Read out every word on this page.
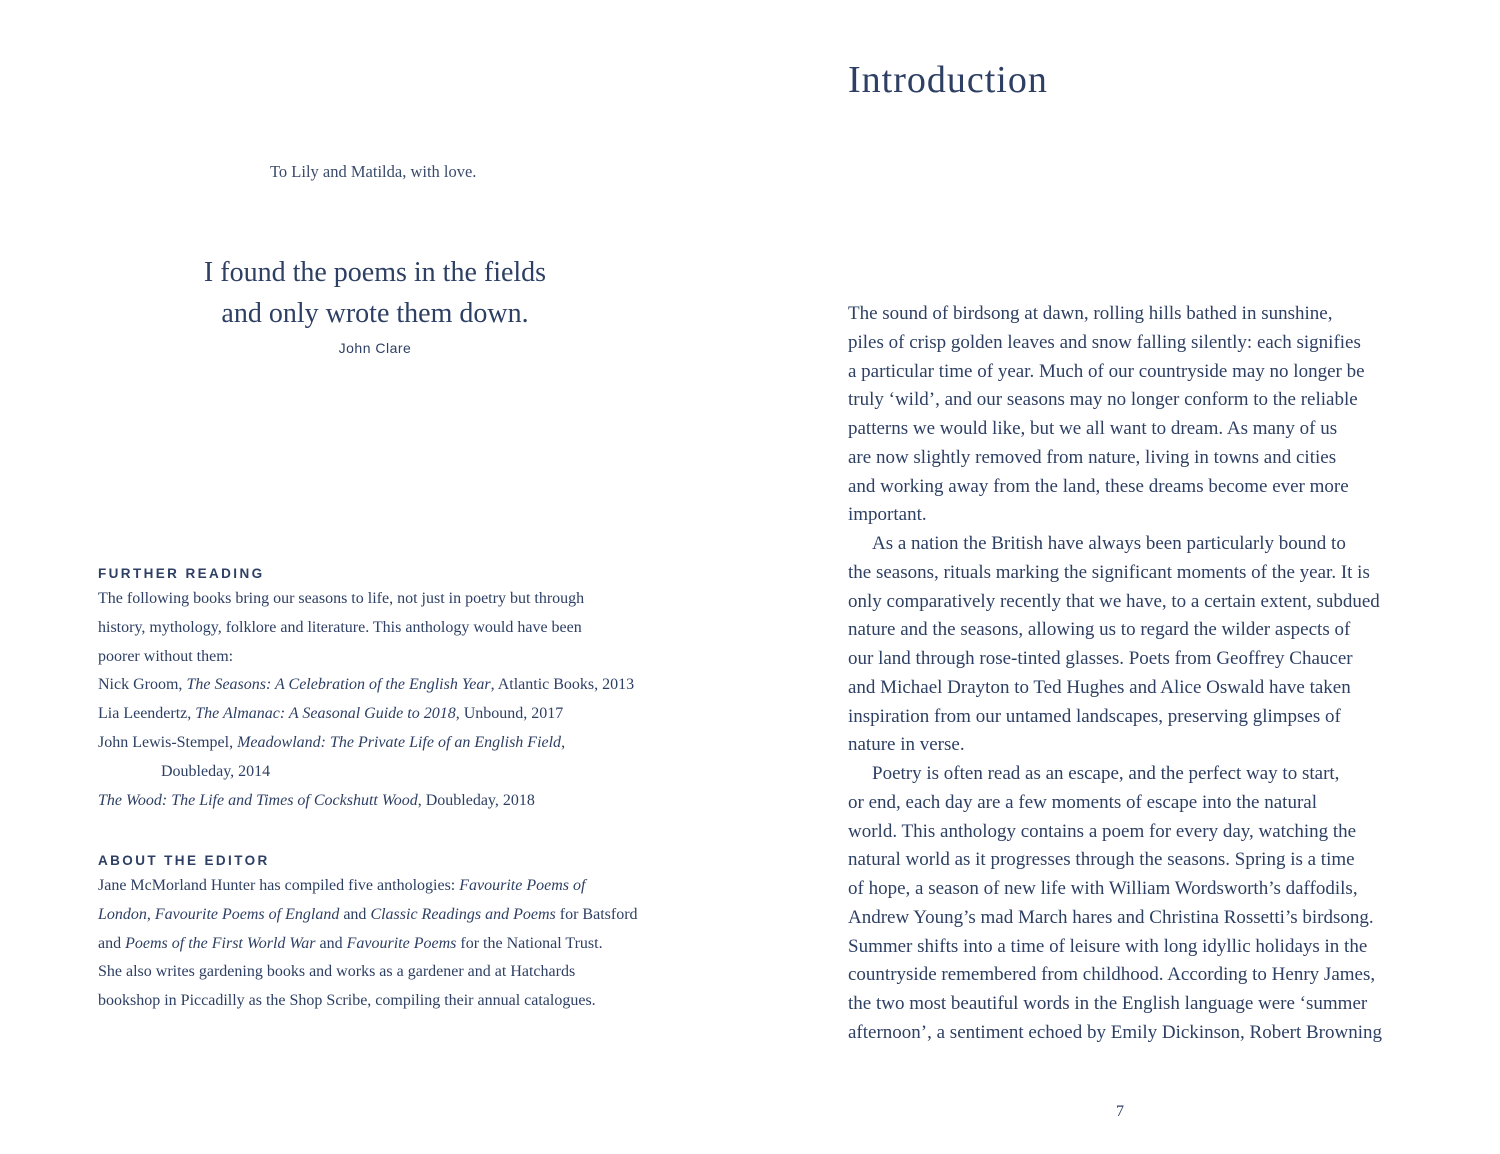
To Lily and Matilda, with love.
I found the poems in the fields
and only wrote them down.
John Clare
FURTHER READING
The following books bring our seasons to life, not just in poetry but through
history, mythology, folklore and literature. This anthology would have been
poorer without them:
Nick Groom, The Seasons: A Celebration of the English Year, Atlantic Books, 2013
Lia Leendertz, The Almanac: A Seasonal Guide to 2018, Unbound, 2017
John Lewis-Stempel, Meadowland: The Private Life of an English Field,
Doubleday, 2014
The Wood: The Life and Times of Cockshutt Wood, Doubleday, 2018
ABOUT THE EDITOR
Jane McMorland Hunter has compiled five anthologies: Favourite Poems of
London, Favourite Poems of England and Classic Readings and Poems for Batsford
and Poems of the First World War and Favourite Poems for the National Trust.
She also writes gardening books and works as a gardener and at Hatchards
bookshop in Piccadilly as the Shop Scribe, compiling their annual catalogues.
Introduction
The sound of birdsong at dawn, rolling hills bathed in sunshine,
piles of crisp golden leaves and snow falling silently: each signifies
a particular time of year. Much of our countryside may no longer be
truly ‘wild’, and our seasons may no longer conform to the reliable
patterns we would like, but we all want to dream. As many of us
are now slightly removed from nature, living in towns and cities
and working away from the land, these dreams become ever more
important.
As a nation the British have always been particularly bound to
the seasons, rituals marking the significant moments of the year. It is
only comparatively recently that we have, to a certain extent, subdued
nature and the seasons, allowing us to regard the wilder aspects of
our land through rose-tinted glasses. Poets from Geoffrey Chaucer
and Michael Drayton to Ted Hughes and Alice Oswald have taken
inspiration from our untamed landscapes, preserving glimpses of
nature in verse.
Poetry is often read as an escape, and the perfect way to start,
or end, each day are a few moments of escape into the natural
world. This anthology contains a poem for every day, watching the
natural world as it progresses through the seasons. Spring is a time
of hope, a season of new life with William Wordsworth’s daffodils,
Andrew Young’s mad March hares and Christina Rossetti’s birdsong.
Summer shifts into a time of leisure with long idyllic holidays in the
countryside remembered from childhood. According to Henry James,
the two most beautiful words in the English language were ‘summer
afternoon’, a sentiment echoed by Emily Dickinson, Robert Browning
7
